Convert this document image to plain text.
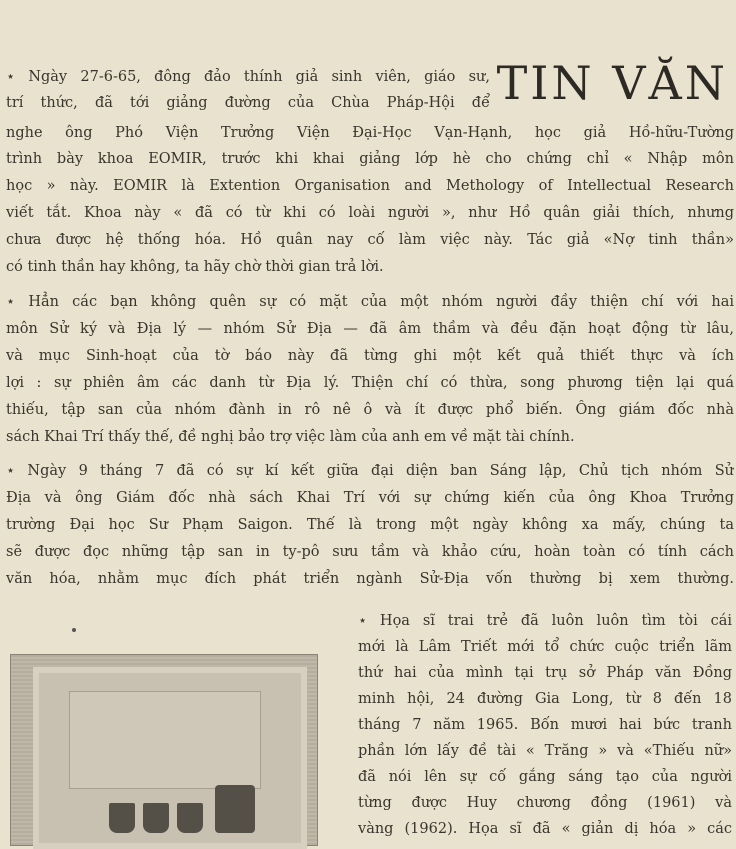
TIN VĂN
⋆ Ngày 27-6-65, đông đảo thính giả sinh viên, giáo sư,
trí thức, đã tới giảng đường của Chùa Pháp-Hội để
nghe ông Phó Viện Trưởng Viện Đại-Học Vạn-Hạnh, học giả Hồ-hữu-Tường
trình bày khoa EOMIR, trước khi khai giảng lớp hè cho chứng chỉ « Nhập môn
học » này. EOMIR là Extention Organisation and Methology of Intellectual Research
viết tắt. Khoa này « đã có từ khi có loài người », như Hồ quân giải thích, nhưng
chưa được hệ thống hóa. Hồ quân nay cố làm việc này. Tác giả «Nợ tinh thần»
có tinh thần hay không, ta hãy chờ thời gian trả lời.
⋆ Hẳn các bạn không quên sự có mặt của một nhóm người đầy thiện chí với hai
môn Sử ký và Địa lý — nhóm Sử Địa — đã âm thầm và đều đặn hoạt động từ lâu,
và mục Sinh-hoạt của tờ báo này đã từng ghi một kết quả thiết thực và ích
lợi : sự phiên âm các danh từ Địa lý. Thiện chí có thừa, song phương tiện lại quá
thiếu, tập san của nhóm đành in rô nê ô và ít được phổ biến. Ông giám đốc nhà
sách Khai Trí thấy thế, đề nghị bảo trợ việc làm của anh em về mặt tài chính.
⋆ Ngày 9 tháng 7 đã có sự kí kết giữa đại diện ban Sáng lập, Chủ tịch nhóm Sử
Địa và ông Giám đốc nhà sách Khai Trí với sự chứng kiến của ông Khoa Trưởng
trường Đại học Sư Phạm Saigon. Thế là trong một ngày không xa mấy, chúng ta
sẽ được đọc những tập san in ty-pô sưu tầm và khảo cứu, hoàn toàn có tính cách
văn hóa, nhằm mục đích phát triển ngành Sử-Địa vốn thường bị xem thường.
⋆ Họa sĩ trai trẻ đã luôn luôn tìm tòi cái
mới là Lâm Triết mới tổ chức cuộc triển lãm
thứ hai của mình tại trụ sở Pháp văn Đồng
minh hội, 24 đường Gia Long, từ 8 đến 18
tháng 7 năm 1965. Bốn mươi hai bức tranh
phần lớn lấy đề tài « Trăng » và «Thiếu nữ»
đã nói lên sự cố gắng sáng tạo của người
từng được Huy chương đồng (1961) và
vàng (1962). Họa sĩ đã « giản dị hóa » các
